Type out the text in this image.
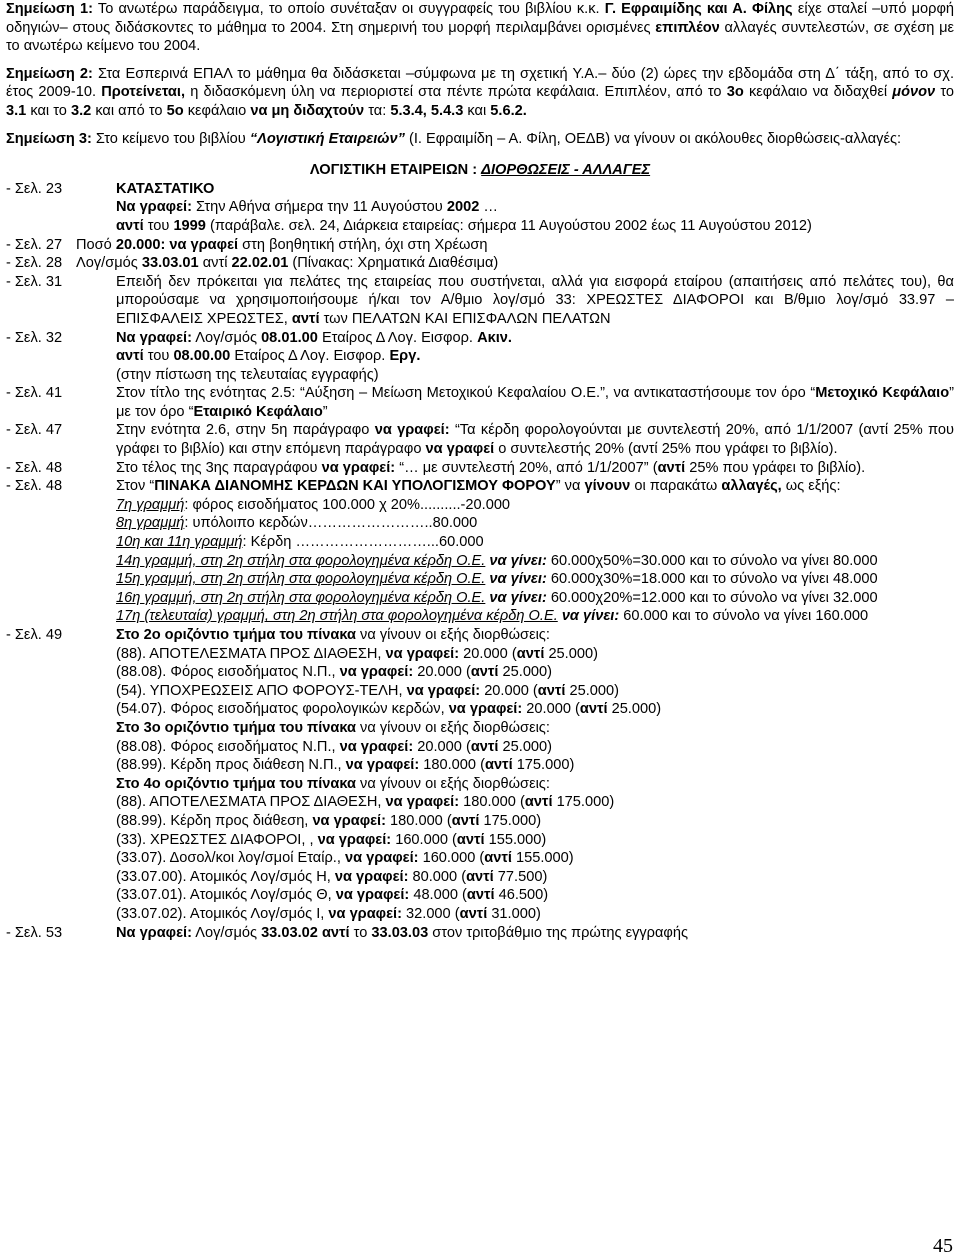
Σημείωση 1: Το ανωτέρω παράδειγμα, το οποίο συνέταξαν οι συγγραφείς του βιβλίου κ.κ. Γ. Εφραιμίδης και Α. Φίλης είχε σταλεί –υπό μορφή οδηγιών– στους διδάσκοντες το μάθημα το 2004. Στη σημερινή του μορφή περιλαμβάνει ορισμένες επιπλέον αλλαγές συντελεστών, σε σχέση με το ανωτέρω κείμενο του 2004.

Σημείωση 2: Στα Εσπερινά ΕΠΑΛ το μάθημα θα διδάσκεται –σύμφωνα με τη σχετική Υ.Α.– δύο (2) ώρες την εβδομάδα στη Δ΄ τάξη, από το σχ. έτος 2009-10. Προτείνεται, η διδασκόμενη ύλη να περιοριστεί στα πέντε πρώτα κεφάλαια. Επιπλέον, από το 3ο κεφάλαιο να διδαχθεί μόνον το 3.1 και το 3.2 και από το 5ο κεφάλαιο να μη διδαχτούν τα: 5.3.4, 5.4.3 και 5.6.2.

Σημείωση 3: Στο κείμενο του βιβλίου “Λογιστική Εταιρειών” (Ι. Εφραιμίδη – Α. Φίλη, ΟΕΔΒ) να γίνουν οι ακόλουθες διορθώσεις-αλλαγές:

ΛΟΓΙΣΤΙΚΗ ΕΤΑΙΡΕΙΩΝ : ΔΙΟΡΘΩΣΕΙΣ - ΑΛΛΑΓΕΣ

- Σελ. 23	ΚΑΤΑΣΤΑΤΙΚΟ
Να γραφεί: Στην Αθήνα σήμερα την 11 Αυγούστου 2002 …
αντί του 1999 (παράβαλε. σελ. 24, Διάρκεια εταιρείας: σήμερα 11 Αυγούστου 2002 έως 11 Αυγούστου 2012)
- Σελ. 27 Ποσό 20.000: να γραφεί στη βοηθητική στήλη, όχι στη Χρέωση
- Σελ. 28 Λογ/σμός 33.03.01 αντί 22.02.01 (Πίνακας: Χρηματικά Διαθέσιμα)
- Σελ. 31	Επειδή δεν πρόκειται για πελάτες της εταιρείας που συστήνεται, αλλά για εισφορά εταίρου (απαιτήσεις από πελάτες του), θα μπορούσαμε να χρησιμοποιήσουμε ή/και τον Α/θμιο λογ/σμό 33: ΧΡΕΩΣΤΕΣ ΔΙΑΦΟΡΟΙ και Β/θμιο λογ/σμό 33.97 – ΕΠΙΣΦΑΛΕΙΣ ΧΡΕΩΣΤΕΣ, αντί των ΠΕΛΑΤΩΝ ΚΑΙ ΕΠΙΣΦΑΛΩΝ ΠΕΛΑΤΩΝ
- Σελ. 32	Να γραφεί: Λογ/σμός 08.01.00 Εταίρος Δ Λογ. Εισφορ. Ακιν.
αντί του 08.00.00 Εταίρος Δ Λογ. Εισφορ. Εργ.
(στην πίστωση της τελευταίας εγγραφής)
- Σελ. 41	Στον τίτλο της ενότητας 2.5: “Αύξηση – Μείωση Μετοχικού Κεφαλαίου Ο.Ε.”, να αντικαταστήσουμε τον όρο “Μετοχικό Κεφάλαιο” με τον όρο “Εταιρικό Κεφάλαιο”
- Σελ. 47	Στην ενότητα 2.6, στην 5η παράγραφο να γραφεί: “Τα κέρδη φορολογούνται με συντελεστή 20%, από 1/1/2007 (αντί 25% που γράφει το βιβλίο) και στην επόμενη παράγραφο να γραφεί ο συντελεστής 20% (αντί 25% που γράφει το βιβλίο).
- Σελ. 48	Στο τέλος της 3ης παραγράφου να γραφεί: “… με συντελεστή 20%, από 1/1/2007” (αντί 25% που γράφει το βιβλίο).
- Σελ. 48	Στον “ΠΙΝΑΚΑ ΔΙΑΝΟΜΗΣ ΚΕΡΔΩΝ ΚΑΙ ΥΠΟΛΟΓΙΣΜΟΥ ΦΟΡΟΥ” να γίνουν οι παρακάτω αλλαγές, ως εξής:
7η γραμμή: φόρος εισοδήματος 100.000 χ 20%..........-20.000
8η γραμμή: υπόλοιπο κερδών……………………..80.000
10η και 11η γραμμή: Κέρδη ………………………...60.000
14η γραμμή, στη 2η στήλη στα φορολογημένα κέρδη Ο.Ε. να γίνει: 60.000χ50%=30.000 και το σύνολο να γίνει 80.000
15η γραμμή, στη 2η στήλη στα φορολογημένα κέρδη Ο.Ε. να γίνει: 60.000χ30%=18.000 και το σύνολο να γίνει 48.000
16η γραμμή, στη 2η στήλη στα φορολογημένα κέρδη Ο.Ε. να γίνει: 60.000χ20%=12.000 και το σύνολο να γίνει 32.000
17η (τελευταία) γραμμή, στη 2η στήλη στα φορολογημένα κέρδη Ο.Ε. να γίνει: 60.000 και το σύνολο να γίνει 160.000
- Σελ. 49	Στο 2ο οριζόντιο τμήμα του πίνακα να γίνουν οι εξής διορθώσεις:
(88). ΑΠΟΤΕΛΕΣΜΑΤΑ ΠΡΟΣ ΔΙΑΘΕΣΗ, να γραφεί: 20.000 (αντί 25.000)
(88.08). Φόρος εισοδήματος Ν.Π., να γραφεί: 20.000 (αντί 25.000)
(54). ΥΠΟΧΡΕΩΣΕΙΣ ΑΠΟ ΦΟΡΟΥΣ-ΤΕΛΗ, να γραφεί: 20.000 (αντί 25.000)
(54.07). Φόρος εισοδήματος φορολογικών κερδών, να γραφεί: 20.000 (αντί 25.000)
Στο 3ο οριζόντιο τμήμα του πίνακα να γίνουν οι εξής διορθώσεις:
(88.08). Φόρος εισοδήματος Ν.Π., να γραφεί: 20.000 (αντί 25.000)
(88.99). Κέρδη προς διάθεση Ν.Π., να γραφεί: 180.000 (αντί 175.000)
Στο 4ο οριζόντιο τμήμα του πίνακα να γίνουν οι εξής διορθώσεις:
(88). ΑΠΟΤΕΛΕΣΜΑΤΑ ΠΡΟΣ ΔΙΑΘΕΣΗ, να γραφεί: 180.000 (αντί 175.000)
(88.99). Κέρδη προς διάθεση, να γραφεί: 180.000 (αντί 175.000)
(33). ΧΡΕΩΣΤΕΣ ΔΙΑΦΟΡΟΙ, , να γραφεί: 160.000 (αντί 155.000)
(33.07). Δοσολ/κοι λογ/σμοί Εταίρ., να γραφεί: 160.000 (αντί 155.000)
(33.07.00). Ατομικός Λογ/σμός Η, να γραφεί: 80.000 (αντί 77.500)
(33.07.01). Ατομικός Λογ/σμός Θ, να γραφεί: 48.000 (αντί 46.500)
(33.07.02). Ατομικός Λογ/σμός Ι, να γραφεί: 32.000 (αντί 31.000)
- Σελ. 53	Να γραφεί: Λογ/σμός 33.03.02 αντί το 33.03.03 στον τριτοβάθμιο της πρώτης εγγραφής
45
